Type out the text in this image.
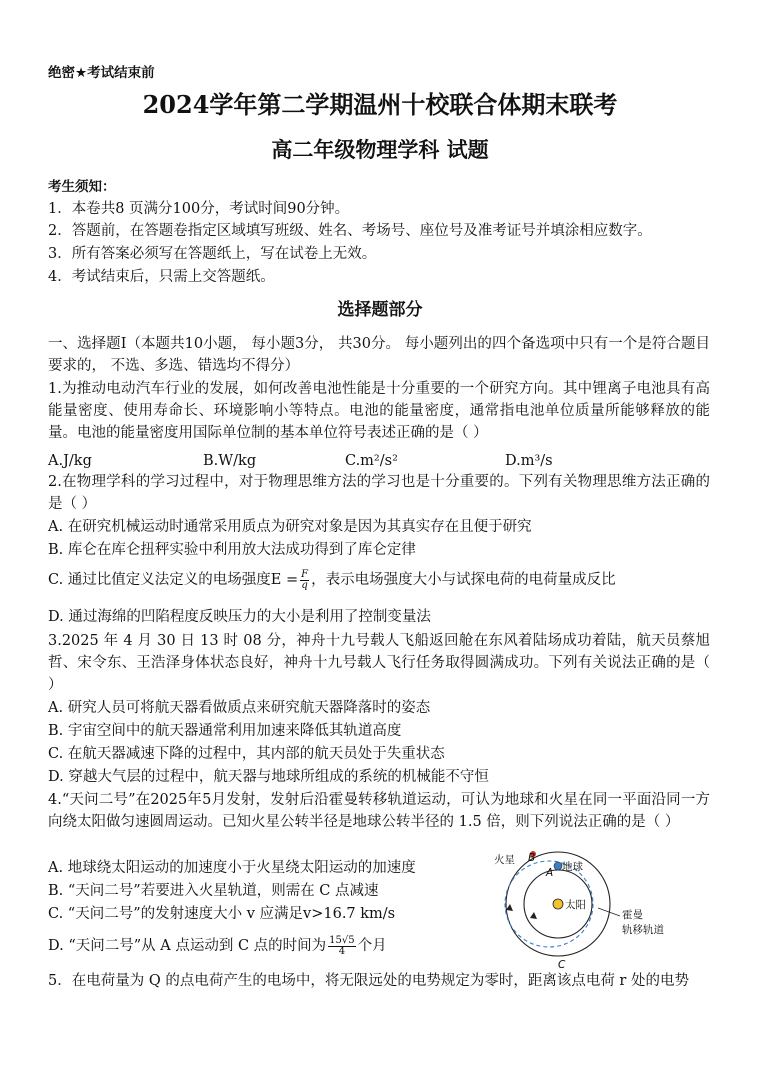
绝密★考试结束前
2024学年第二学期温州十校联合体期末联考
高二年级物理学科 试题
考生须知：
1．本卷共8 页满分100分，考试时间90分钟。
2．答题前，在答题卷指定区域填写班级、姓名、考场号、座位号及准考证号并填涂相应数字。
3．所有答案必须写在答题纸上，写在试卷上无效。
4．考试结束后，只需上交答题纸。
选择题部分
一、选择题Ⅰ（本题共10小题， 每小题3分， 共30分。 每小题列出的四个备选项中只有一个是符合题目要求的， 不选、多选、错选均不得分）
1.为推动电动汽车行业的发展，如何改善电池性能是十分重要的一个研究方向。其中锂离子电池具有高能量密度、使用寿命长、环境影响小等特点。电池的能量密度，通常指电池单位质量所能够释放的能量。电池的能量密度用国际单位制的基本单位符号表述正确的是（ ）
A.J/kg	B.W/kg	C.m²/s²	D.m³/s
2.在物理学科的学习过程中，对于物理思维方法的学习也是十分重要的。下列有关物理思维方法正确的是（ ）
A. 在研究机械运动时通常采用质点为研究对象是因为其真实存在且便于研究
B. 库仑在库仑扭秤实验中利用放大法成功得到了库仑定律
C. 通过比值定义法定义的电场强度$E = \frac{F}{q}$ ，表示电场强度大小与试探电荷的电荷量成反比
D. 通过海绵的凹陷程度反映压力的大小是利用了控制变量法
3.2025 年 4 月 30 日 13 时 08 分，神舟十九号载人飞船返回舱在东风着陆场成功着陆，航天员蔡旭哲、宋令东、王浩泽身体状态良好，神舟十九号载人飞行任务取得圆满成功。下列有关说法正确的是（ ）
A. 研究人员可将航天器看做质点来研究航天器降落时的姿态
B. 宇宙空间中的航天器通常利用加速来降低其轨道高度
C. 在航天器减速下降的过程中，其内部的航天员处于失重状态
D. 穿越大气层的过程中，航天器与地球所组成的系统的机械能不守恒
4.“天问二号”在2025年5月发射，发射后沿霍曼转移轨道运动，可认为地球和火星在同一平面沿同一方向绕太阳做匀速圆周运动。已知火星公转半径是地球公转半径的 1.5 倍，则下列说法正确的是（ ）
A. 地球绕太阳运动的加速度小于火星绕太阳运动的加速度
B. “天问二号”若要进入火星轨道，则需在 C 点减速
C. “天问二号”的发射速度大小 v 应满足v>16.7 km/s
D. “天问二号”从 A 点运动到 C 点的时间为 $\frac{15√5}{4}$ 个月
火星 B
A 地球
太阳
C
霍曼
轨移轨道
5．在电荷量为 Q 的点电荷产生的电场中，将无限远处的电势规定为零时，距离该点电荷 r 处的电势
